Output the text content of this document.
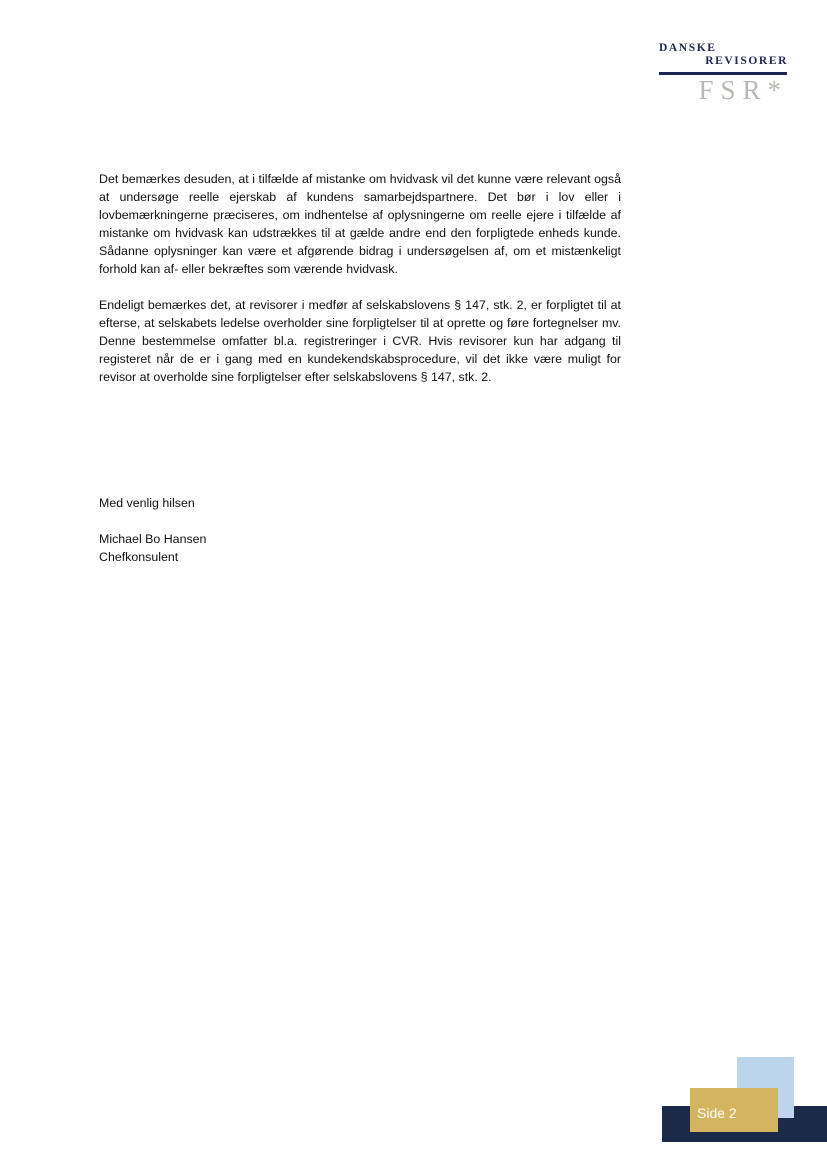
DANSKE
REVISORER
FSR*

Det bemærkes desuden, at i tilfælde af mistanke om hvidvask vil det kunne være relevant også at undersøge reelle ejerskab af kundens samarbejdspartnere. Det bør i lov eller i lovbemærkningerne præciseres, om indhentelse af oplysningerne om reelle ejere i tilfælde af mistanke om hvidvask kan udstrækkes til at gælde andre end den forpligtede enheds kunde. Sådanne oplysninger kan være et afgørende bidrag i undersøgelsen af, om et mistænkeligt forhold kan af- eller bekræftes som værende hvidvask.

Endeligt bemærkes det, at revisorer i medfør af selskabslovens § 147, stk. 2, er forpligtet til at efterse, at selskabets ledelse overholder sine forpligtelser til at oprette og føre fortegnelser mv. Denne bestemmelse omfatter bl.a. registreringer i CVR. Hvis revisorer kun har adgang til registeret når de er i gang med en kundekendskabsprocedure, vil det ikke være muligt for revisor at overholde sine forpligtelser efter selskabslovens § 147, stk. 2.

Med venlig hilsen
Michael Bo Hansen
Chefkonsulent
Side 2
